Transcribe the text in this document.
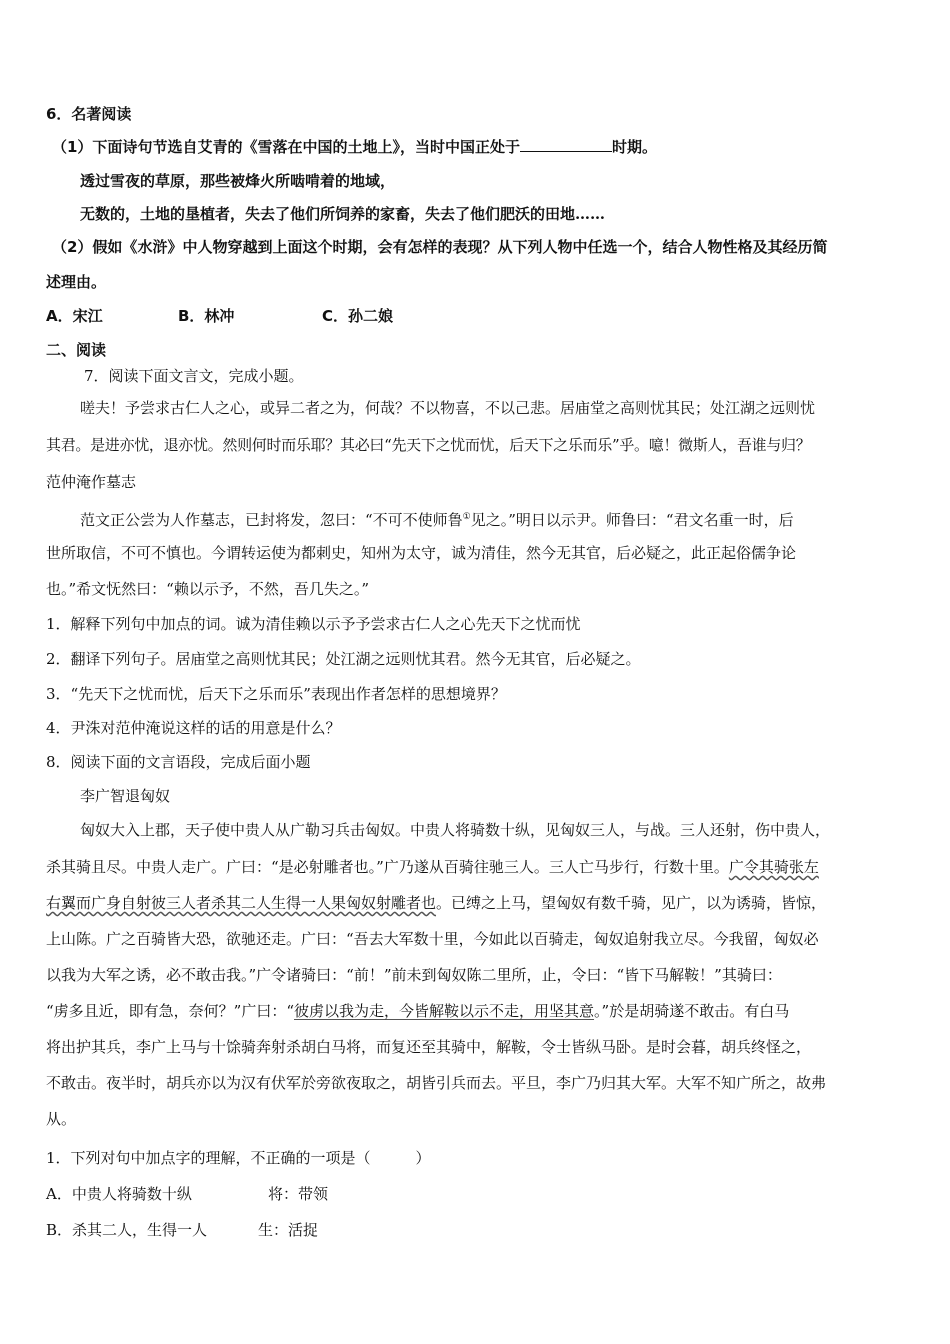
6．名著阅读
（1）下面诗句节选自艾青的《雪落在中国的土地上》，当时中国正处于	时期。
透过雪夜的草原，那些被烽火所啮啃着的地域，
无数的，土地的垦植者，失去了他们所饲养的家畜，失去了他们肥沃的田地……
（2）假如《水浒》中人物穿越到上面这个时期，会有怎样的表现？从下列人物中任选一个，结合人物性格及其经历简
述理由。
A．宋江	B．林冲	C．孙二娘
二、阅读
7．阅读下面文言文，完成小题。
嗟夫！予尝求古仁人之心，或异二者之为，何哉？不以物喜，不以己悲。居庙堂之高则忧其民；处江湖之远则忧
其君。是进亦忧，退亦忧。然则何时而乐耶？其必曰“先天下之忧而忧，后天下之乐而乐”乎。噫！微斯人，吾谁与归？
范仲淹作墓志
范文正公尝为人作墓志，已封将发，忽曰：“不可不使师鲁①见之。”明日以示尹。师鲁曰：“君文名重一时，后
世所取信，不可不慎也。今谓转运使为都刺史，知州为太守，诚为清佳，然今无其官，后必疑之，此正起俗儒争论
也。”希文怃然曰：“赖以示予，不然，吾几失之。”
1．解释下列句中加点的词。诚为清佳赖以示予予尝求古仁人之心先天下之忧而忧
2．翻译下列句子。居庙堂之高则忧其民；处江湖之远则忧其君。然今无其官，后必疑之。
3．“先天下之忧而忧，后天下之乐而乐”表现出作者怎样的思想境界？
4．尹洙对范仲淹说这样的话的用意是什么？
8．阅读下面的文言语段，完成后面小题
李广智退匈奴
匈奴大入上郡，天子使中贵人从广勒习兵击匈奴。中贵人将骑数十纵，见匈奴三人，与战。三人还射，伤中贵人，
杀其骑且尽。中贵人走广。广曰：“是必射雕者也。”广乃遂从百骑往驰三人。三人亡马步行，行数十里。广令其骑张左
右翼而广身自射彼三人者杀其二人生得一人果匈奴射雕者也。已缚之上马，望匈奴有数千骑，见广，以为诱骑，皆惊，
上山陈。广之百骑皆大恐，欲驰还走。广曰：“吾去大军数十里，今如此以百骑走，匈奴追射我立尽。今我留，匈奴必
以我为大军之诱，必不敢击我。”广令诸骑曰：“前！”前未到匈奴陈二里所，止，令曰：“皆下马解鞍！”其骑曰：
“虏多且近，即有急，奈何？”广曰：“彼虏以我为走，今皆解鞍以示不走，用坚其意。”於是胡骑遂不敢击。有白马
将出护其兵，李广上马与十馀骑奔射杀胡白马将，而复还至其骑中，解鞍，令士皆纵马卧。是时会暮，胡兵终怪之，
不敢击。夜半时，胡兵亦以为汉有伏军於旁欲夜取之，胡皆引兵而去。平旦，李广乃归其大军。大军不知广所之，故弗
从。
1．下列对句中加点字的理解，不正确的一项是（　　　）
A．中贵人将骑数十纵	将：带领
B．杀其二人，生得一人	生：活捉
